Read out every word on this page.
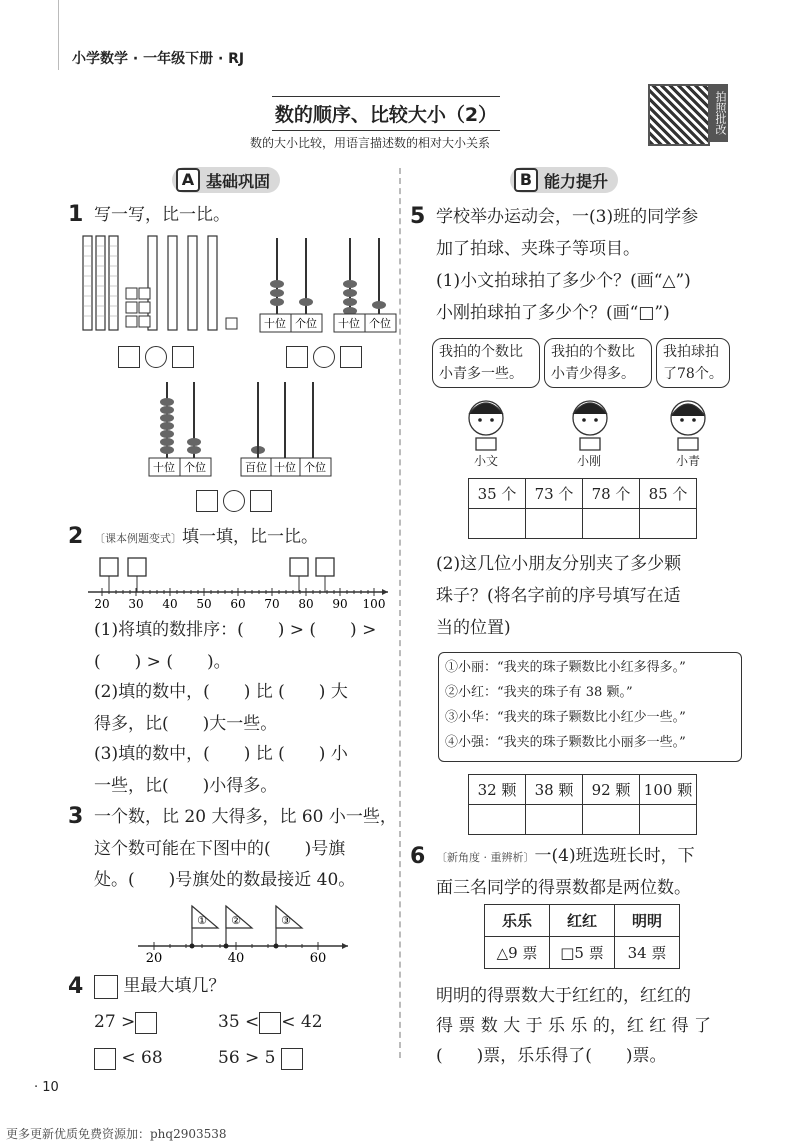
小学数学 · 一年级下册 · RJ
数的顺序、比较大小（2）
数的大小比较，用语言描述数的相对大小关系
拍照批改
A 基础巩固	B 能力提升
1 写一写，比一比。
十位 个位 十位 个位

十位 个位	百位 十位 个位

2 〔课本例题变式〕填一填，比一比。
20 30 40 50 60 70 80 90 100
(1)将填的数排序：(　　) > (　　) >
(　　) > (　　)。
(2)填的数中，(　　) 比 (　　) 大
得多，比(　　)大一些。
(3)填的数中，(　　) 比 (　　) 小
一些，比(　　)小得多。
3 一个数，比 20 大得多，比 60 小一些，
这个数可能在下图中的(　　)号旗
处。(　　)号旗处的数最接近 40。
① ②	③
20	40	60
4	里最大填几？
27 >	35 < < 42
< 68	56 > 5
5 学校举办运动会，一(3)班的同学参
加了拍球、夹珠子等项目。
(1)小文拍球拍了多少个？(画“△”)
小刚拍球拍了多少个？(画“□”)
我拍的个数比小青多一些。
我拍的个数比小青少得多。
我拍球拍了78个。
小文	小刚	小青
35 个	73 个	78 个	85 个

(2)这几位小朋友分别夹了多少颗
珠子？(将名字前的序号填写在适
当的位置)
①小丽：“我夹的珠子颗数比小红多得多。”
②小红：“我夹的珠子有 38 颗。”
③小华：“我夹的珠子颗数比小红少一些。”
④小强：“我夹的珠子颗数比小丽多一些。”
32 颗	38 颗	92 颗	100 颗

6 〔新角度 · 重辨析〕一(4)班选班长时，下
面三名同学的得票数都是两位数。
乐乐	红红	明明
△9 票	□5 票	34 票
明明的得票数大于红红的，红红的
得 票 数 大 于 乐 乐 的，红 红 得 了
(　　)票，乐乐得了(　　)票。
· 10
更多更新优质免费资源加：phq2903538
